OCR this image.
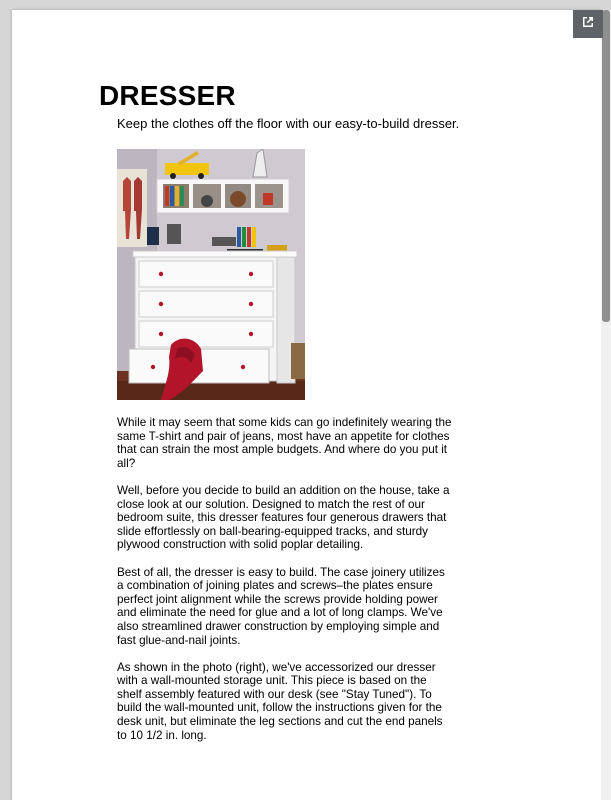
DRESSER
Keep the clothes off the floor with our easy-to-build dresser.

While it may seem that some kids can go indefinitely wearing the same T-shirt and pair of jeans, most have an appetite for clothes that can strain the most ample budgets. And where do you put it all?

Well, before you decide to build an addition on the house, take a close look at our solution. Designed to match the rest of our bedroom suite, this dresser features four generous drawers that slide effortlessly on ball-bearing-equipped tracks, and sturdy plywood construction with solid poplar detailing.

Best of all, the dresser is easy to build. The case joinery utilizes a combination of joining plates and screws–the plates ensure perfect joint alignment while the screws provide holding power and eliminate the need for glue and a lot of long clamps. We've also streamlined drawer construction by employing simple and fast glue-and-nail joints.

As shown in the photo (right), we've accessorized our dresser with a wall-mounted storage unit. This piece is based on the shelf assembly featured with our desk (see "Stay Tuned"). To build the wall-mounted unit, follow the instructions given for the desk unit, but eliminate the leg sections and cut the end panels to 10 1/2 in. long.
